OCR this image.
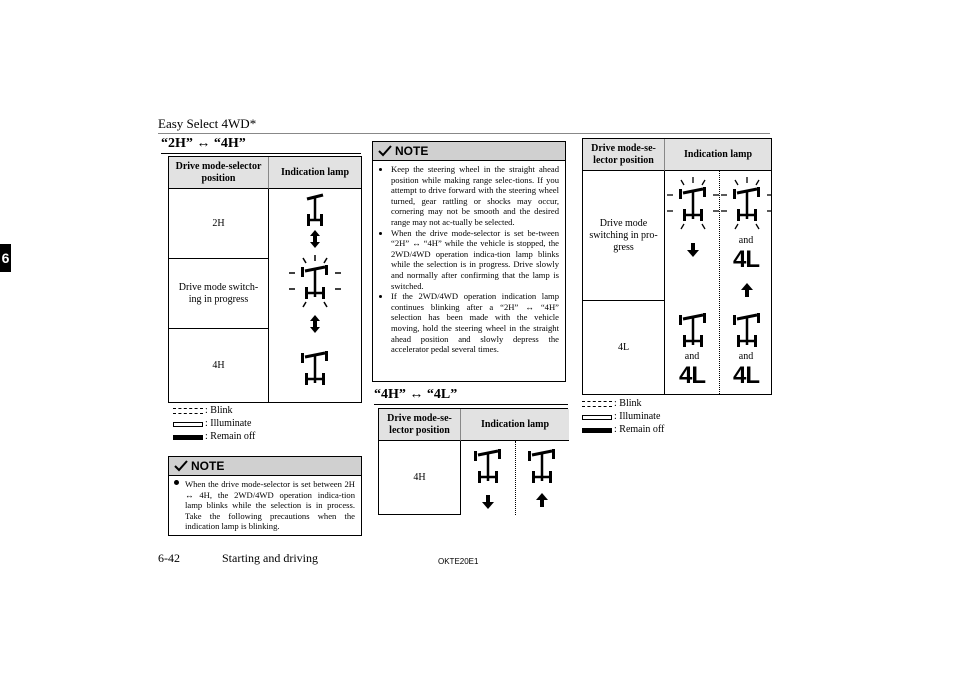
Easy Select 4WD*
6
“2H” ↔ “4H”
Drive mode-selector position
Indication lamp
2H
Drive mode switch-ing in progress
4H
: Blink
: Illuminate
: Remain off
NOTE
When the drive mode-selector is set between 2H ↔ 4H, the 2WD/4WD operation indica-tion lamp blinks while the selection is in process. Take the following precautions when the indication lamp is blinking.
NOTE
• Keep the steering wheel in the straight ahead position while making range selec-tions. If you attempt to drive forward with the steering wheel turned, gear rattling or shocks may occur, cornering may not be smooth and the desired range may not ac-tually be selected.
• When the drive mode-selector is set be-tween “2H” ↔ “4H” while the vehicle is stopped, the 2WD/4WD operation indica-tion lamp blinks while the selection is in progress. Drive slowly and normally after confirming that the lamp is switched.
• If the 2WD/4WD operation indication lamp continues blinking after a “2H” ↔ “4H” selection has been made with the vehicle moving, hold the steering wheel in the straight ahead position and slowly depress the accelerator pedal several times.
“4H” ↔ “4L”
Drive mode-se-lector position
Indication lamp
4H
Drive mode-se-lector position
Indication lamp
Drive mode switching in pro-gress
4L
and
4L
and
4L
and
4L
: Blink
: Illuminate
: Remain off
6-42	Starting and driving	OKTE20E1
